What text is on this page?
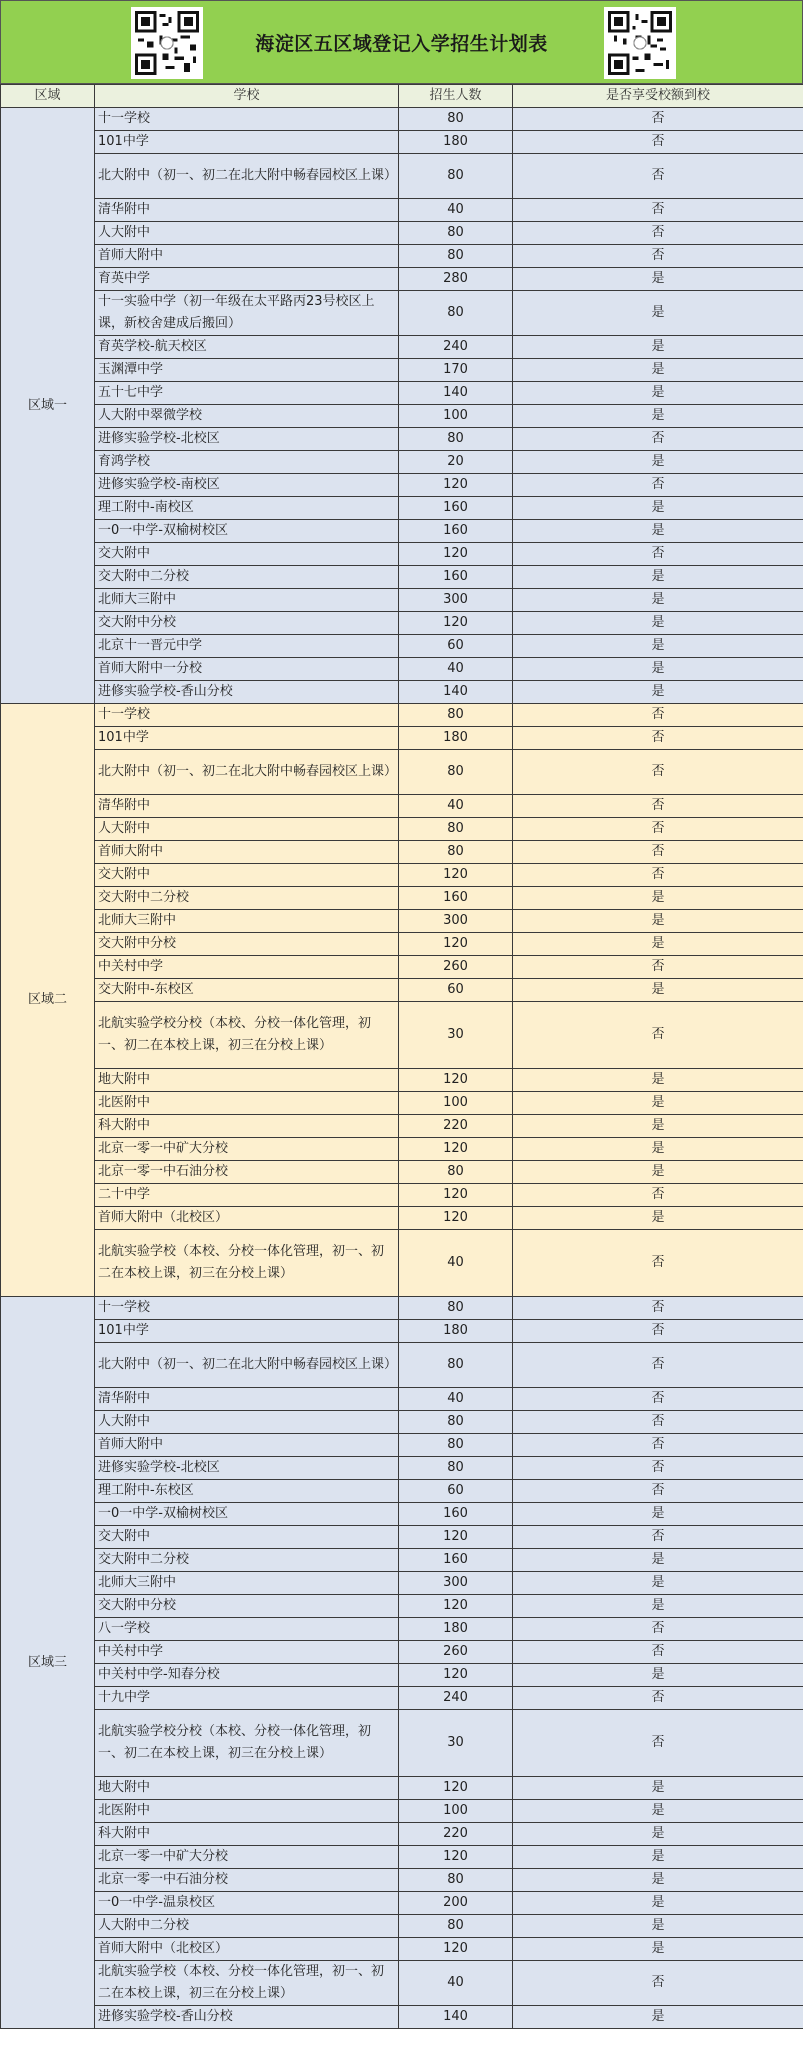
海淀区五区域登记入学招生计划表
区域	学校	招生人数	是否享受校额到校
区域一	十一学校	80	否
	101中学	180	否
	北大附中（初一、初二在北大附中畅春园校区上课）	80	否
	清华附中	40	否
	人大附中	80	否
	首师大附中	80	否
	育英中学	280	是
	十一实验中学（初一年级在太平路丙23号校区上课，新校舍建成后搬回）	80	是
	育英学校-航天校区	240	是
	玉渊潭中学	170	是
	五十七中学	140	是
	人大附中翠微学校	100	是
	进修实验学校-北校区	80	否
	育鸿学校	20	是
	进修实验学校-南校区	120	否
	理工附中-南校区	160	是
	一0一中学-双榆树校区	160	是
	交大附中	120	否
	交大附中二分校	160	是
	北师大三附中	300	是
	交大附中分校	120	是
	北京十一晋元中学	60	是
	首师大附中一分校	40	是
	进修实验学校-香山分校	140	是
区域二	十一学校	80	否
	101中学	180	否
	北大附中（初一、初二在北大附中畅春园校区上课）	80	否
	清华附中	40	否
	人大附中	80	否
	首师大附中	80	否
	交大附中	120	否
	交大附中二分校	160	是
	北师大三附中	300	是
	交大附中分校	120	是
	中关村中学	260	否
	交大附中-东校区	60	是
	北航实验学校分校（本校、分校一体化管理，初一、初二在本校上课，初三在分校上课）	30	否
	地大附中	120	是
	北医附中	100	是
	科大附中	220	是
	北京一零一中矿大分校	120	是
	北京一零一中石油分校	80	是
	二十中学	120	否
	首师大附中（北校区）	120	是
	北航实验学校（本校、分校一体化管理，初一、初二在本校上课，初三在分校上课）	40	否
区域三	十一学校	80	否
	101中学	180	否
	北大附中（初一、初二在北大附中畅春园校区上课）	80	否
	清华附中	40	否
	人大附中	80	否
	首师大附中	80	否
	进修实验学校-北校区	80	否
	理工附中-东校区	60	否
	一0一中学-双榆树校区	160	是
	交大附中	120	否
	交大附中二分校	160	是
	北师大三附中	300	是
	交大附中分校	120	是
	八一学校	180	否
	中关村中学	260	否
	中关村中学-知春分校	120	是
	十九中学	240	否
	北航实验学校分校（本校、分校一体化管理，初一、初二在本校上课，初三在分校上课）	30	否
	地大附中	120	是
	北医附中	100	是
	科大附中	220	是
	北京一零一中矿大分校	120	是
	北京一零一中石油分校	80	是
	一0一中学-温泉校区	200	是
	人大附中二分校	80	是
	首师大附中（北校区）	120	是
	北航实验学校（本校、分校一体化管理，初一、初二在本校上课，初三在分校上课）	40	否
	进修实验学校-香山分校	140	是
